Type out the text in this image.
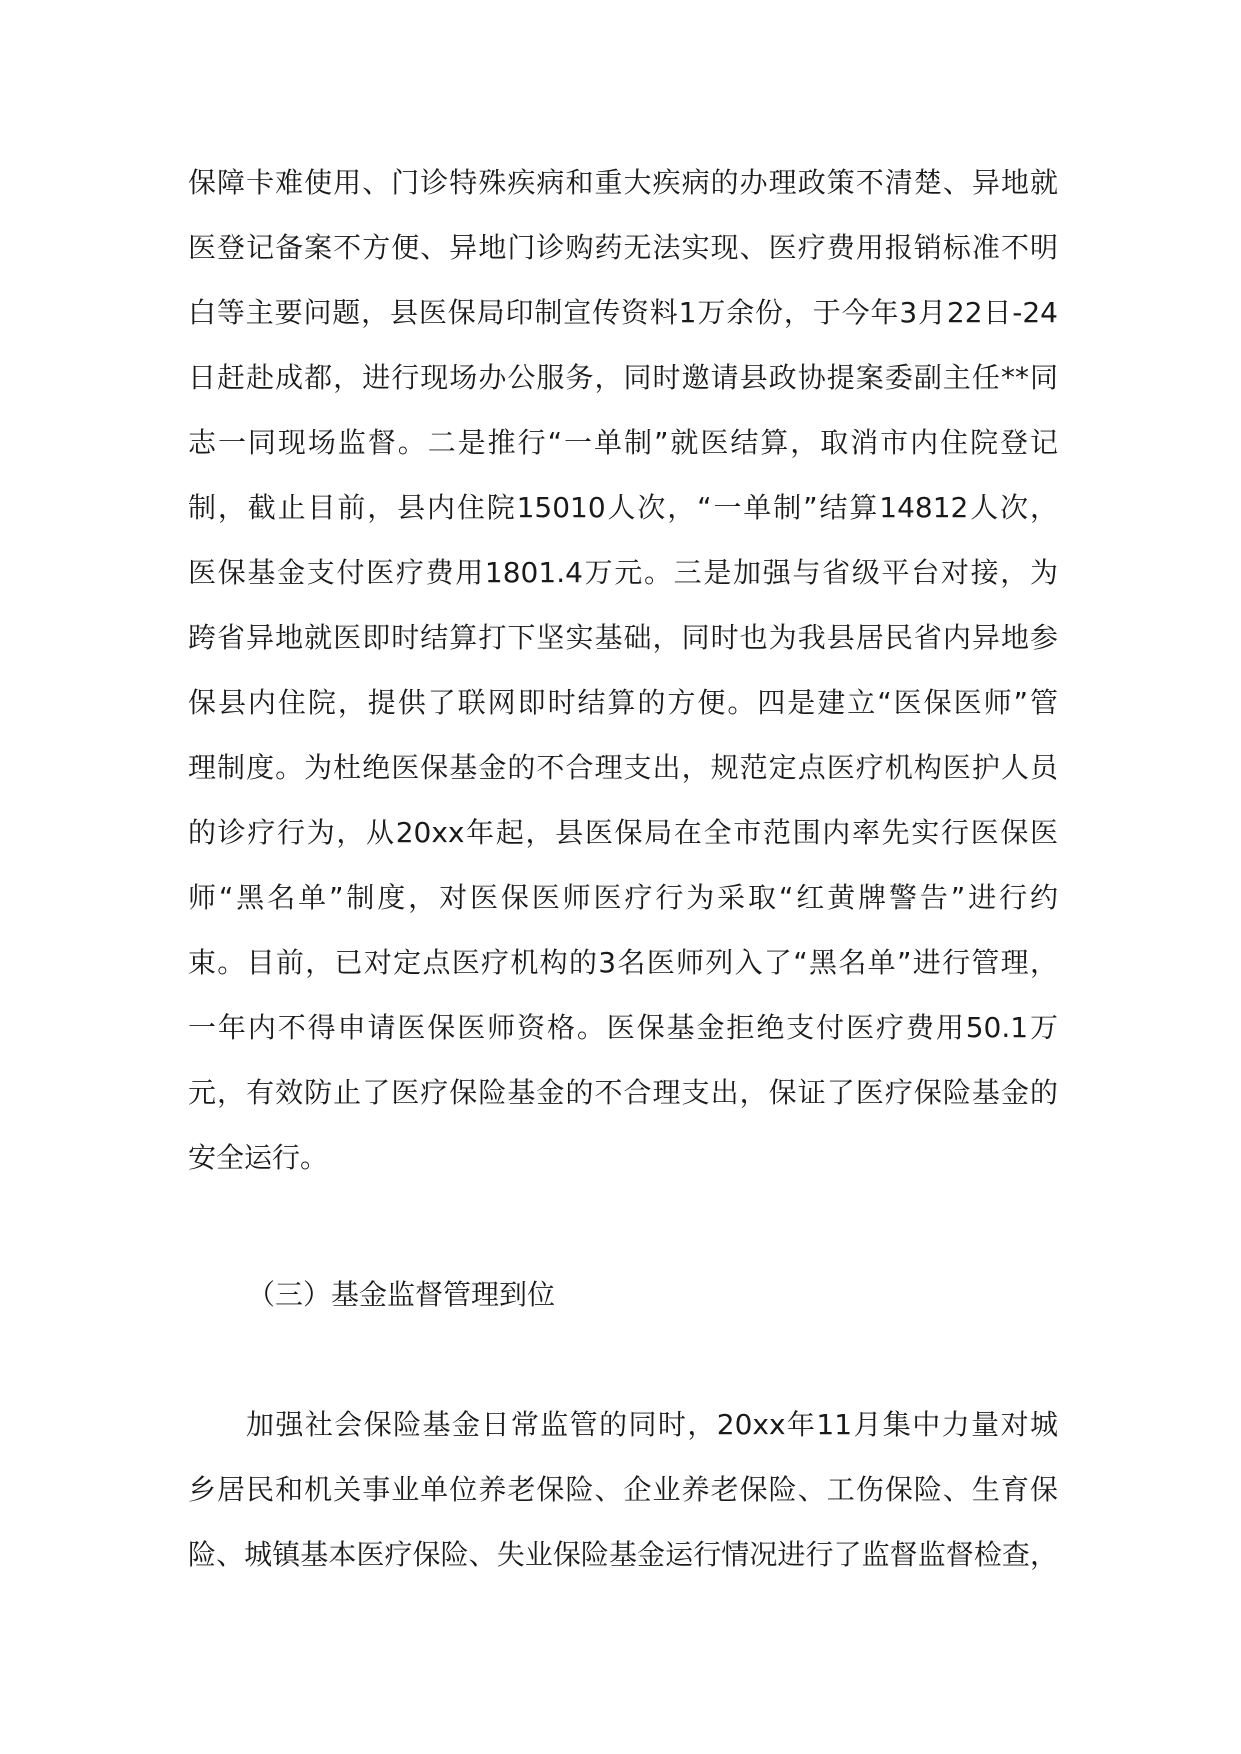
保障卡难使用、门诊特殊疾病和重大疾病的办理政策不清楚、异地就
医登记备案不方便、异地门诊购药无法实现、医疗费用报销标准不明
白等主要问题，县医保局印制宣传资料1万余份，于今年3月22日-24
日赶赴成都，进行现场办公服务，同时邀请县政协提案委副主任**同
志一同现场监督。二是推行“一单制”就医结算，取消市内住院登记
制，截止目前，县内住院15010人次，“一单制”结算14812人次，
医保基金支付医疗费用1801.4万元。三是加强与省级平台对接，为
跨省异地就医即时结算打下坚实基础，同时也为我县居民省内异地参
保县内住院，提供了联网即时结算的方便。四是建立“医保医师”管
理制度。为杜绝医保基金的不合理支出，规范定点医疗机构医护人员
的诊疗行为，从20xx年起，县医保局在全市范围内率先实行医保医
师“黑名单”制度，对医保医师医疗行为采取“红黄牌警告”进行约
束。目前，已对定点医疗机构的3名医师列入了“黑名单”进行管理，
一年内不得申请医保医师资格。医保基金拒绝支付医疗费用50.1万
元，有效防止了医疗保险基金的不合理支出，保证了医疗保险基金的
安全运行。
（三）基金监督管理到位
加强社会保险基金日常监管的同时，20xx年11月集中力量对城
乡居民和机关事业单位养老保险、企业养老保险、工伤保险、生育保
险、城镇基本医疗保险、失业保险基金运行情况进行了监督监督检查，
